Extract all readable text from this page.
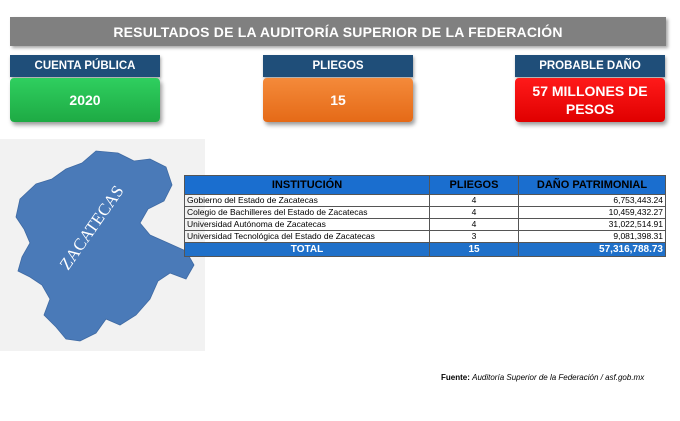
RESULTADOS DE LA AUDITORÍA SUPERIOR DE LA FEDERACIÓN
CUENTA PÚBLICA
2020
PLIEGOS
15
PROBABLE DAÑO
57 MILLONES DE PESOS
ZACATECAS	INSTITUCIÓN	PLIEGOS	DAÑO PATRIMONIAL
Gobierno del Estado de Zacatecas	4	6,753,443.24
Colegio de Bachilleres del Estado de Zacatecas	4	10,459,432.27
Universidad Autónoma de Zacatecas	4	31,022,514.91
Universidad Tecnológica del Estado de Zacatecas	3	9,081,398.31
TOTAL	15	57,316,788.73
Fuente: Auditoría Superior de la Federación / asf.gob.mx
